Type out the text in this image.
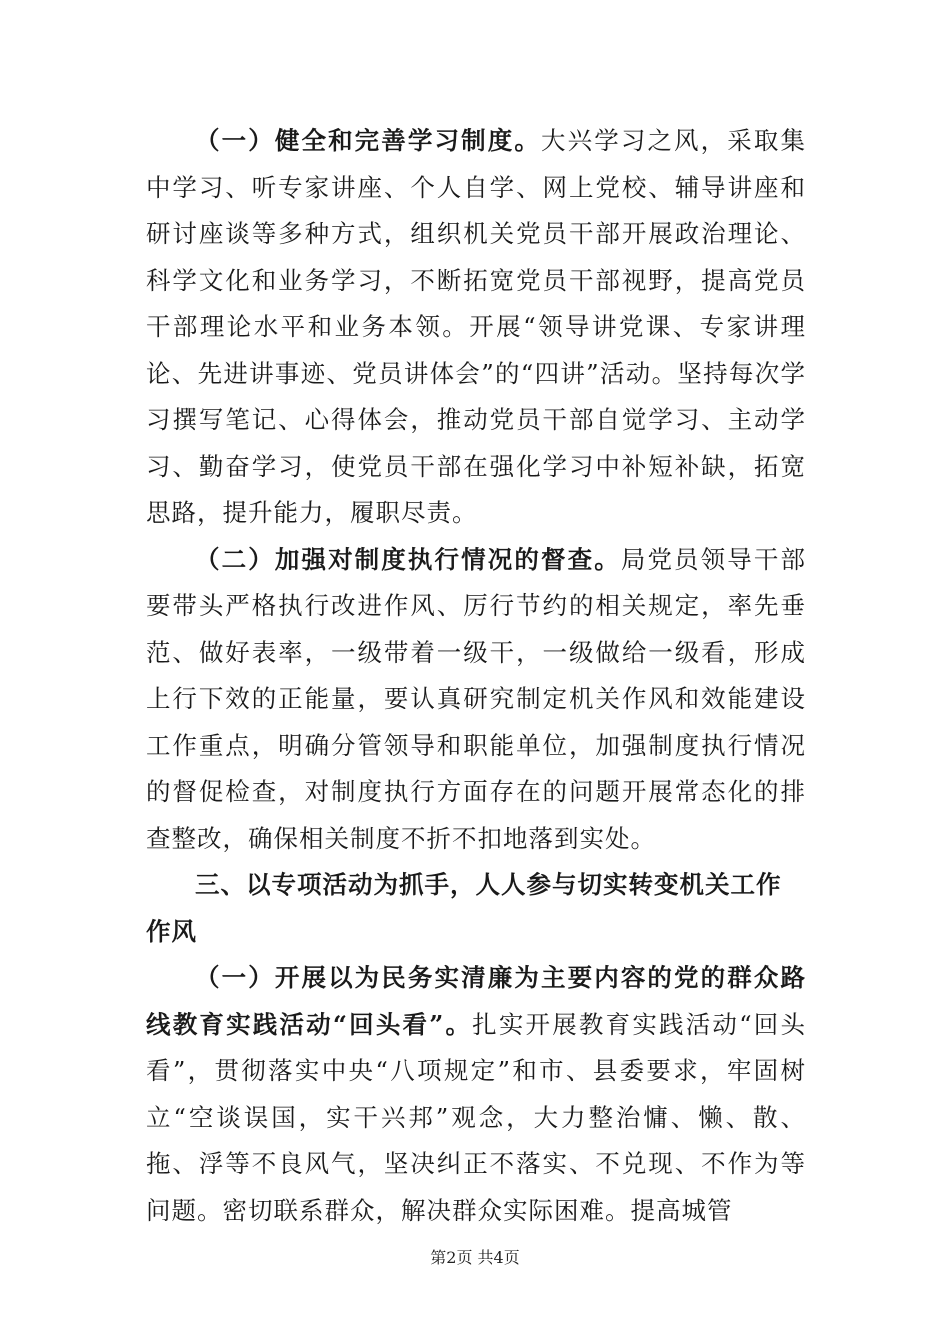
（一）健全和完善学习制度。大兴学习之风，采取集中学习、听专家讲座、个人自学、网上党校、辅导讲座和研讨座谈等多种方式，组织机关党员干部开展政治理论、科学文化和业务学习，不断拓宽党员干部视野，提高党员干部理论水平和业务本领。开展“领导讲党课、专家讲理论、先进讲事迹、党员讲体会”的“四讲”活动。坚持每次学习撰写笔记、心得体会，推动党员干部自觉学习、主动学习、勤奋学习，使党员干部在强化学习中补短补缺，拓宽思路，提升能力，履职尽责。

（二）加强对制度执行情况的督查。局党员领导干部要带头严格执行改进作风、厉行节约的相关规定，率先垂范、做好表率，一级带着一级干，一级做给一级看，形成上行下效的正能量，要认真研究制定机关作风和效能建设工作重点，明确分管领导和职能单位，加强制度执行情况的督促检查，对制度执行方面存在的问题开展常态化的排查整改，确保相关制度不折不扣地落到实处。

三、以专项活动为抓手，人人参与切实转变机关工作作风

（一）开展以为民务实清廉为主要内容的党的群众路线教育实践活动“回头看”。扎实开展教育实践活动“回头看”，贯彻落实中央“八项规定”和市、县委要求，牢固树立“空谈误国，实干兴邦”观念，大力整治慵、懒、散、拖、浮等不良风气，坚决纠正不落实、不兑现、不作为等问题。密切联系群众，解决群众实际困难。提高城管

第2页 共4页
